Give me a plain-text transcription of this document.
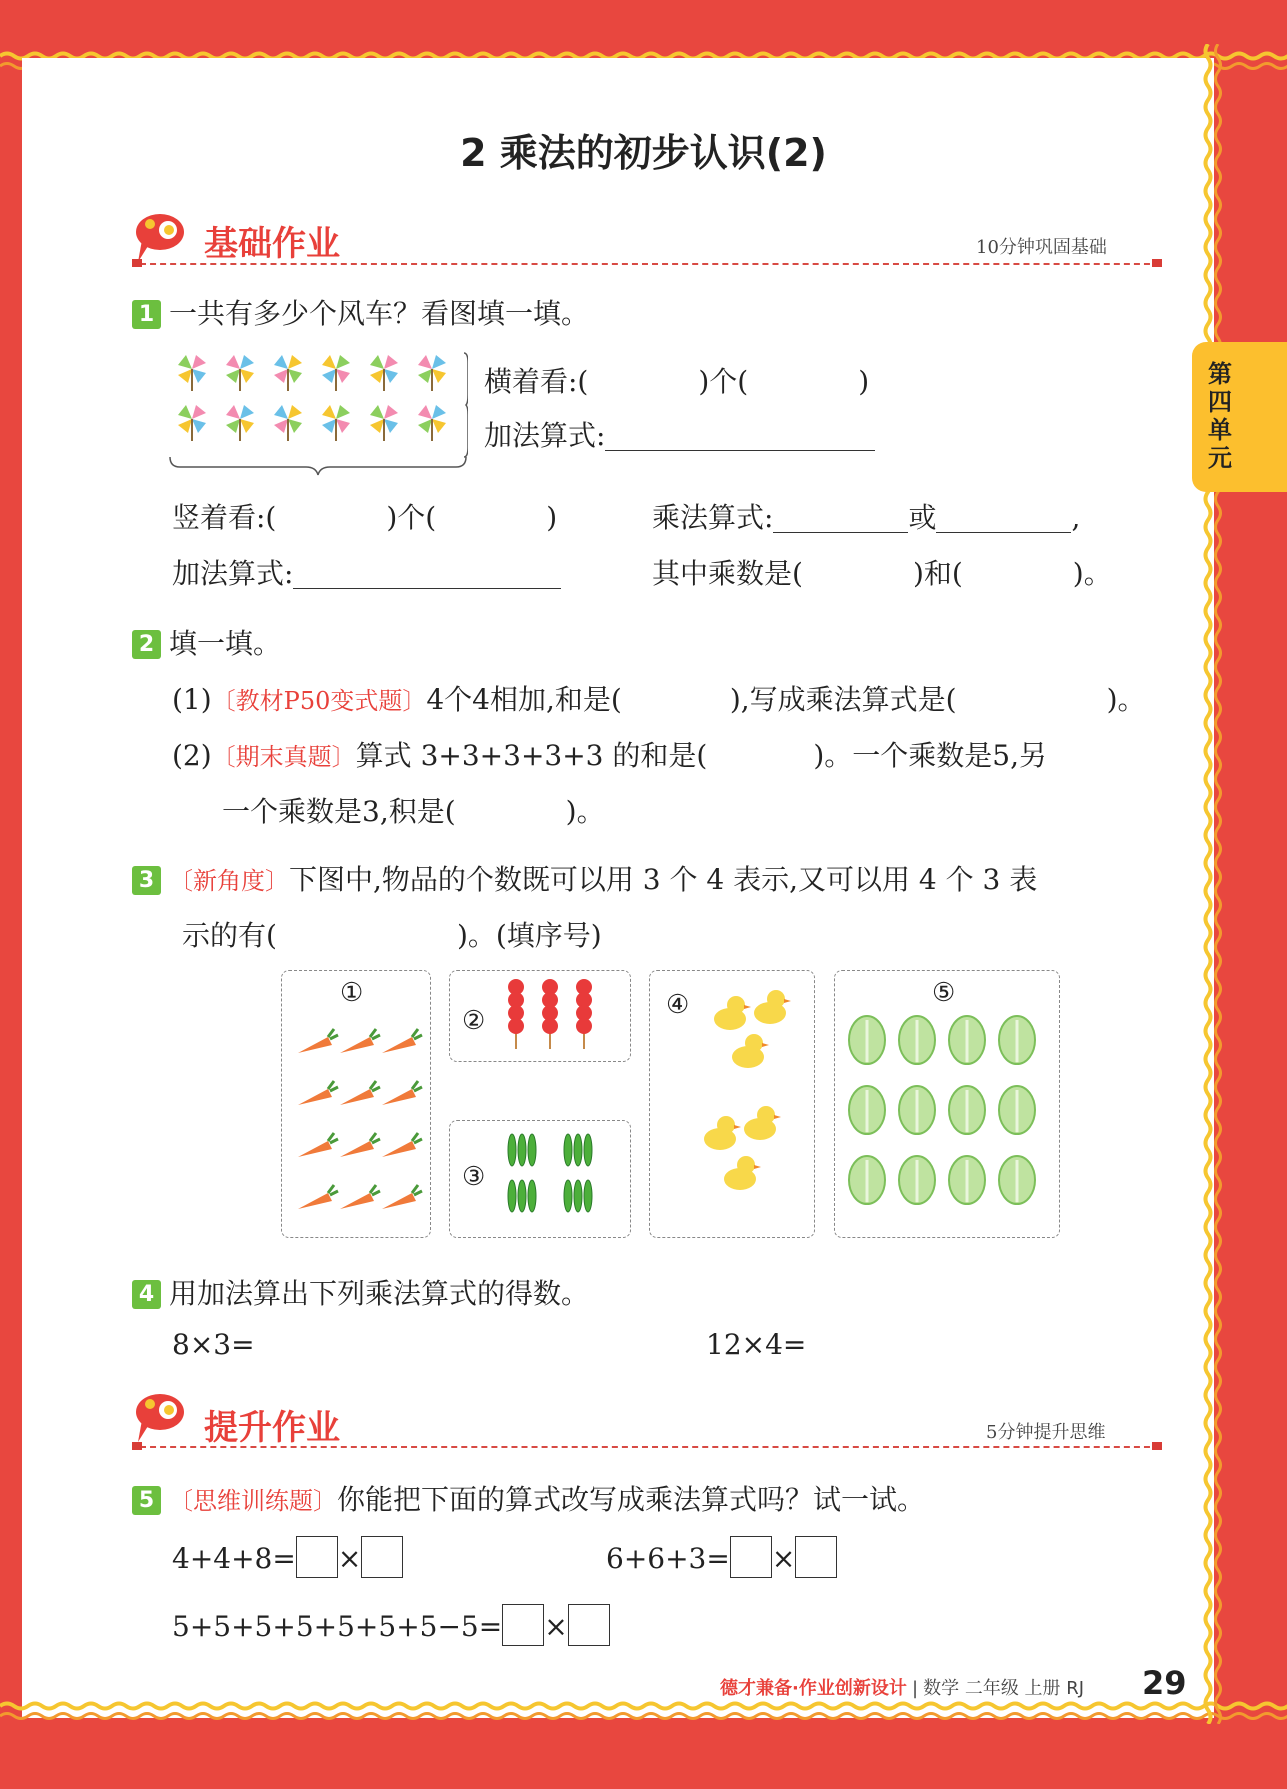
第四单元
2 乘法的初步认识(2)
基础作业	10分钟巩固基础
1 一共有多少个风车？看图填一填。
横着看:(	)个(	)
加法算式:
竖着看:(	)个(	)	乘法算式:	或	,
加法算式:	其中乘数是(	)和(	)。
2 填一填。
(1)〔教材P50变式题〕4个4相加,和是(	),写成乘法算式是(	)。
(2)〔期末真题〕算式 3+3+3+3+3 的和是(	)。一个乘数是5,另
一个乘数是3,积是(	)。
3 〔新角度〕下图中,物品的个数既可以用 3 个 4 表示,又可以用 4 个 3 表
示的有(	)。(填序号)
①
②
③
④	⑤
4 用加法算出下列乘法算式的得数。
8×3=	12×4=
提升作业	5分钟提升思维
5 〔思维训练题〕你能把下面的算式改写成乘法算式吗？试一试。
4+4+8= ×	6+6+3= ×
5+5+5+5+5+5+5−5= ×
德才兼备·作业创新设计 | 数学 二年级 上册 RJ 29
